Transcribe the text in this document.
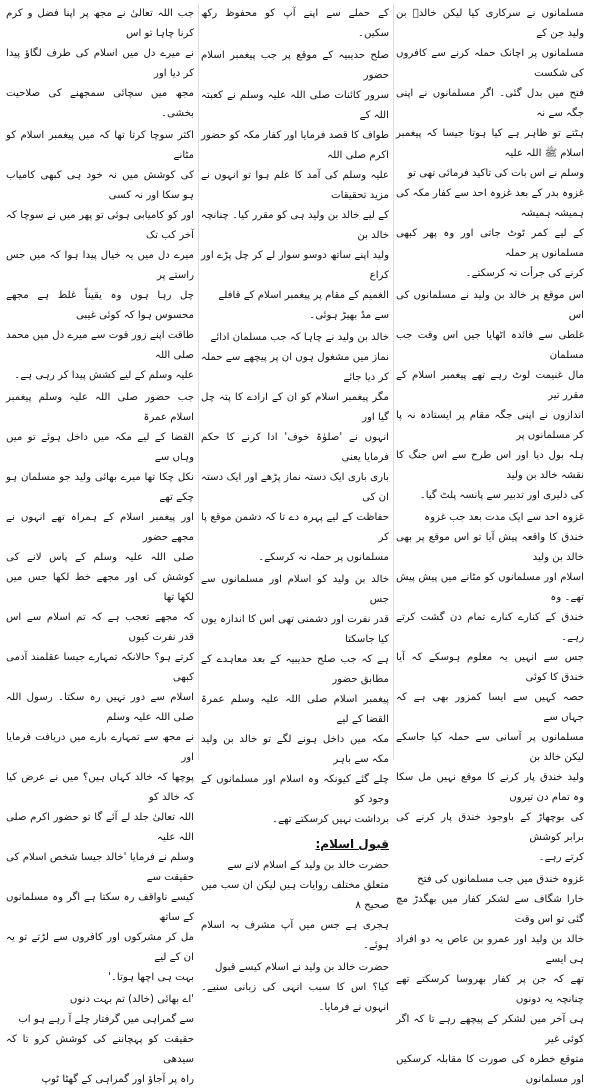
مسلمانوں نے سرکاری کیا لیکن خالدؓ بن ولید جن کے
مسلمانوں پر اچانک حملہ کرنے سے کافروں کی شکست
فتح میں بدل گئی۔ اگر مسلمانوں نے اپنی جگہ سے نہ
ہٹتے تو ظاہر ہے کیا ہوتا جیسا کہ پیغمبر اسلام ﷺ اللہ علیہ
وسلم نے اس بات کی تاکید فرمائی تھی تو
غزوہ بدر کے بعد غزوہ احد سے کفار مکہ کی ہمیشہ ہمیشہ
کے لیے کمر ٹوٹ جاتی اور وہ پھر کبھی مسلمانوں پر حملہ
کرنے کی جرأت نہ کرسکتے۔

اس موقع پر خالد بن ولید نے مسلمانوں کی اس
غلطی سے فائدہ اٹھایا جیں اس وقت جب مسلمان
مال غنیمت لوٹ رہے تھے پیغمبر اسلام کے مقرر تیر
اندازوں نے اپنی جگہ مقام پر ایستادہ نہ پا کر مسلمانوں پر
ہلہ بول دیا اور اس طرح سے اس جنگ کا نقشہ خالد بن ولید
کی دلیری اور تدبیر سے پانسہ پلٹ گیا۔

غزوہ احد سے ایک مدت بعد جب غزوہ
خندق کا واقعہ پیش آیا تو اس موقع پر بھی خالد بن ولید
اسلام اور مسلمانوں کو مٹانے میں پیش پیش تھے۔ وہ
خندق کے کنارے کنارے تمام دن گشت کرتے رہے۔
جس سے انہیں یہ معلوم ہوسکے کہ آیا خندق کا کوئی
حصہ کہیں سے ایسا کمزور بھی ہے کہ جہاں سے
مسلمانوں پر آسانی سے حملہ کیا جاسکے لیکن خالد بن
ولید خندق پار کرنے کا موقع نہیں مل سکا وہ تمام دن تیروں
کی بوچھاڑ کے باوجود خندق پار کرنے کی برابر کوشش
کرتے رہے۔

غزوہ خندق میں جب مسلمانوں کی فتح
خارا شگاف سے لشکر کفار میں بھگدڑ مچ گئی تو اس وقت
خالد بن ولید اور عمرو بن عاص یہ دو افراد ہی ایسے
تھے کہ جن پر کفار بھروسا کرسکتے تھے چنانچہ یہ دونوں
ہی آخر میں لشکر کے پیچھے رہے تا کہ اگر کوئی غیر
متوقع خطرہ کی صورت کا مقابلہ کرسکیں اور مسلمانوں

کے حملے سے اپنے آپ کو محفوظ رکھ سکیں۔

صلح حدیبیہ کے موقع پر جب پیغمبر اسلام حضور
سرور کائنات صلی اللہ علیہ وسلم نے کعبتہ اللہ کے
طواف کا قصد فرمایا اور کفار مکہ کو حضور اکرم صلی اللہ
علیہ وسلم کی آمد کا علم ہوا تو انہوں نے مزید تحقیقات
کے لیے خالد بن ولید ہی کو مقرر کیا۔ چنانچہ خالد بن
ولید اپنے ساتھ دوسو سوار لے کر چل پڑے اور کراع
الغمیم کے مقام پر پیغمبر اسلام کے قافلے
سے مڈ بھیڑ ہوئی۔

خالد بن ولید نے چاہا کہ جب مسلمان ادائے
نماز میں مشغول ہوں ان پر پیچھے سے حملہ کر دیا جائے
مگر پیغمبر اسلام کو ان کے ارادے کا پتہ چل گیا اور
انہوں نے 'صلوٰۃ خوف' ادا کرنے کا حکم فرمایا یعنی
باری باری ایک دستہ نماز پڑھے اور ایک دستہ ان کی
حفاظت کے لیے پہرہ دے تا کہ دشمن موقع پا کر
مسلمانوں پر حملہ نہ کرسکے۔

خالد بن ولید کو اسلام اور مسلمانوں سے جس
قدر نفرت اور دشمنی تھی اس کا اندازہ یوں کیا جاسکتا
ہے کہ جب صلح حدیبیہ کے بعد معاہدے کے مطابق حضور
پیغمبر اسلام صلی اللہ علیہ وسلم عمرۃ القضا کے لیے
مکہ میں داخل ہونے لگے تو خالد بن ولید مکہ سے باہر
چلے گئے کیونکہ وہ اسلام اور مسلمانوں کے وجود کو
برداشت نہیں کرسکتے تھے۔

قبول اسلام:

حضرت خالد بن ولید کے اسلام لانے سے
متعلق مختلف روایات ہیں لیکن ان سب میں صحیح ۸
ہجری ہے جس میں آپ مشرف بہ اسلام ہوئے۔

حضرت خالد بن ولید نے اسلام کیسے قبول
کیا؟ اس کا سبب انہی کی زبانی سنیے۔ انہوں نے فرمایا۔

جب اللہ تعالیٰ نے مجھ پر اپنا فضل و کرم کرنا چاہا تو اس
نے میرے دل میں اسلام کی طرف لگاؤ پیدا کر دیا اور
مجھ میں سچائی سمجھنے کی صلاحیت بخشی۔

اکثر سوچا کرتا تھا کہ میں پیغمبر اسلام کو مٹانے
کی کوشش میں نہ خود ہی کبھی کامیاب ہو سکا اور نہ کسی
اور کو کامیابی ہوئی تو پھر میں نے سوچا کہ آخر کب تک
میرے دل میں یہ خیال پیدا ہوا کہ میں جس راستے پر
چل رہا ہوں وہ یقیناً غلط ہے مجھے محسوس ہوا کہ کوئی غیبی
طاقت اپنے زور قوت سے میرے دل میں محمد صلی اللہ
علیہ وسلم کے لیے کشش پیدا کر رہی ہے۔

جب حضور صلی اللہ علیہ وسلم پیغمبر اسلام عمرۃ
القضا کے لیے مکہ میں داخل ہوئے تو میں وہاں سے
نکل چکا تھا میرے بھائی ولید جو مسلمان ہو چکے تھے
اور پیغمبر اسلام کے ہمراہ تھے انہوں نے مجھے حضور
صلی اللہ علیہ وسلم کے پاس لانے کی کوشش کی اور مجھے خط لکھا جس میں لکھا تھا
کہ مجھے تعجب ہے کہ تم اسلام سے اس قدر نفرت کیوں
کرتے ہو؟ حالانکہ تمہارے جیسا عقلمند آدمی کبھی
اسلام سے دور نہیں رہ سکتا۔ رسول اللہ صلی اللہ علیہ وسلم
نے مجھ سے تمہارے بارے میں دریافت فرمایا اور
پوچھا کہ خالد کہاں ہیں؟ میں نے عرض کیا کہ خالد کو
اللہ تعالیٰ جلد لے آئے گا تو حضور اکرم صلی اللہ علیہ
وسلم نے فرمایا 'خالد جیسا شخص اسلام کی حقیقت سے
کیسے ناواقف رہ سکتا ہے اگر وہ مسلمانوں کے ساتھ
مل کر مشرکوں اور کافروں سے لڑتے تو یہ ان کے لیے
بہت ہی اچھا ہوتا۔'

'اے بھائی (خالد) تم بہت دنوں
سے گمراہی میں گرفتار چلے آ رہے ہو اب
حقیقت کو پہچاننے کی کوشش کرو تا کہ سیدھی
راہ پر آجاؤ اور گمراہی کے گھٹا ٹوپ
